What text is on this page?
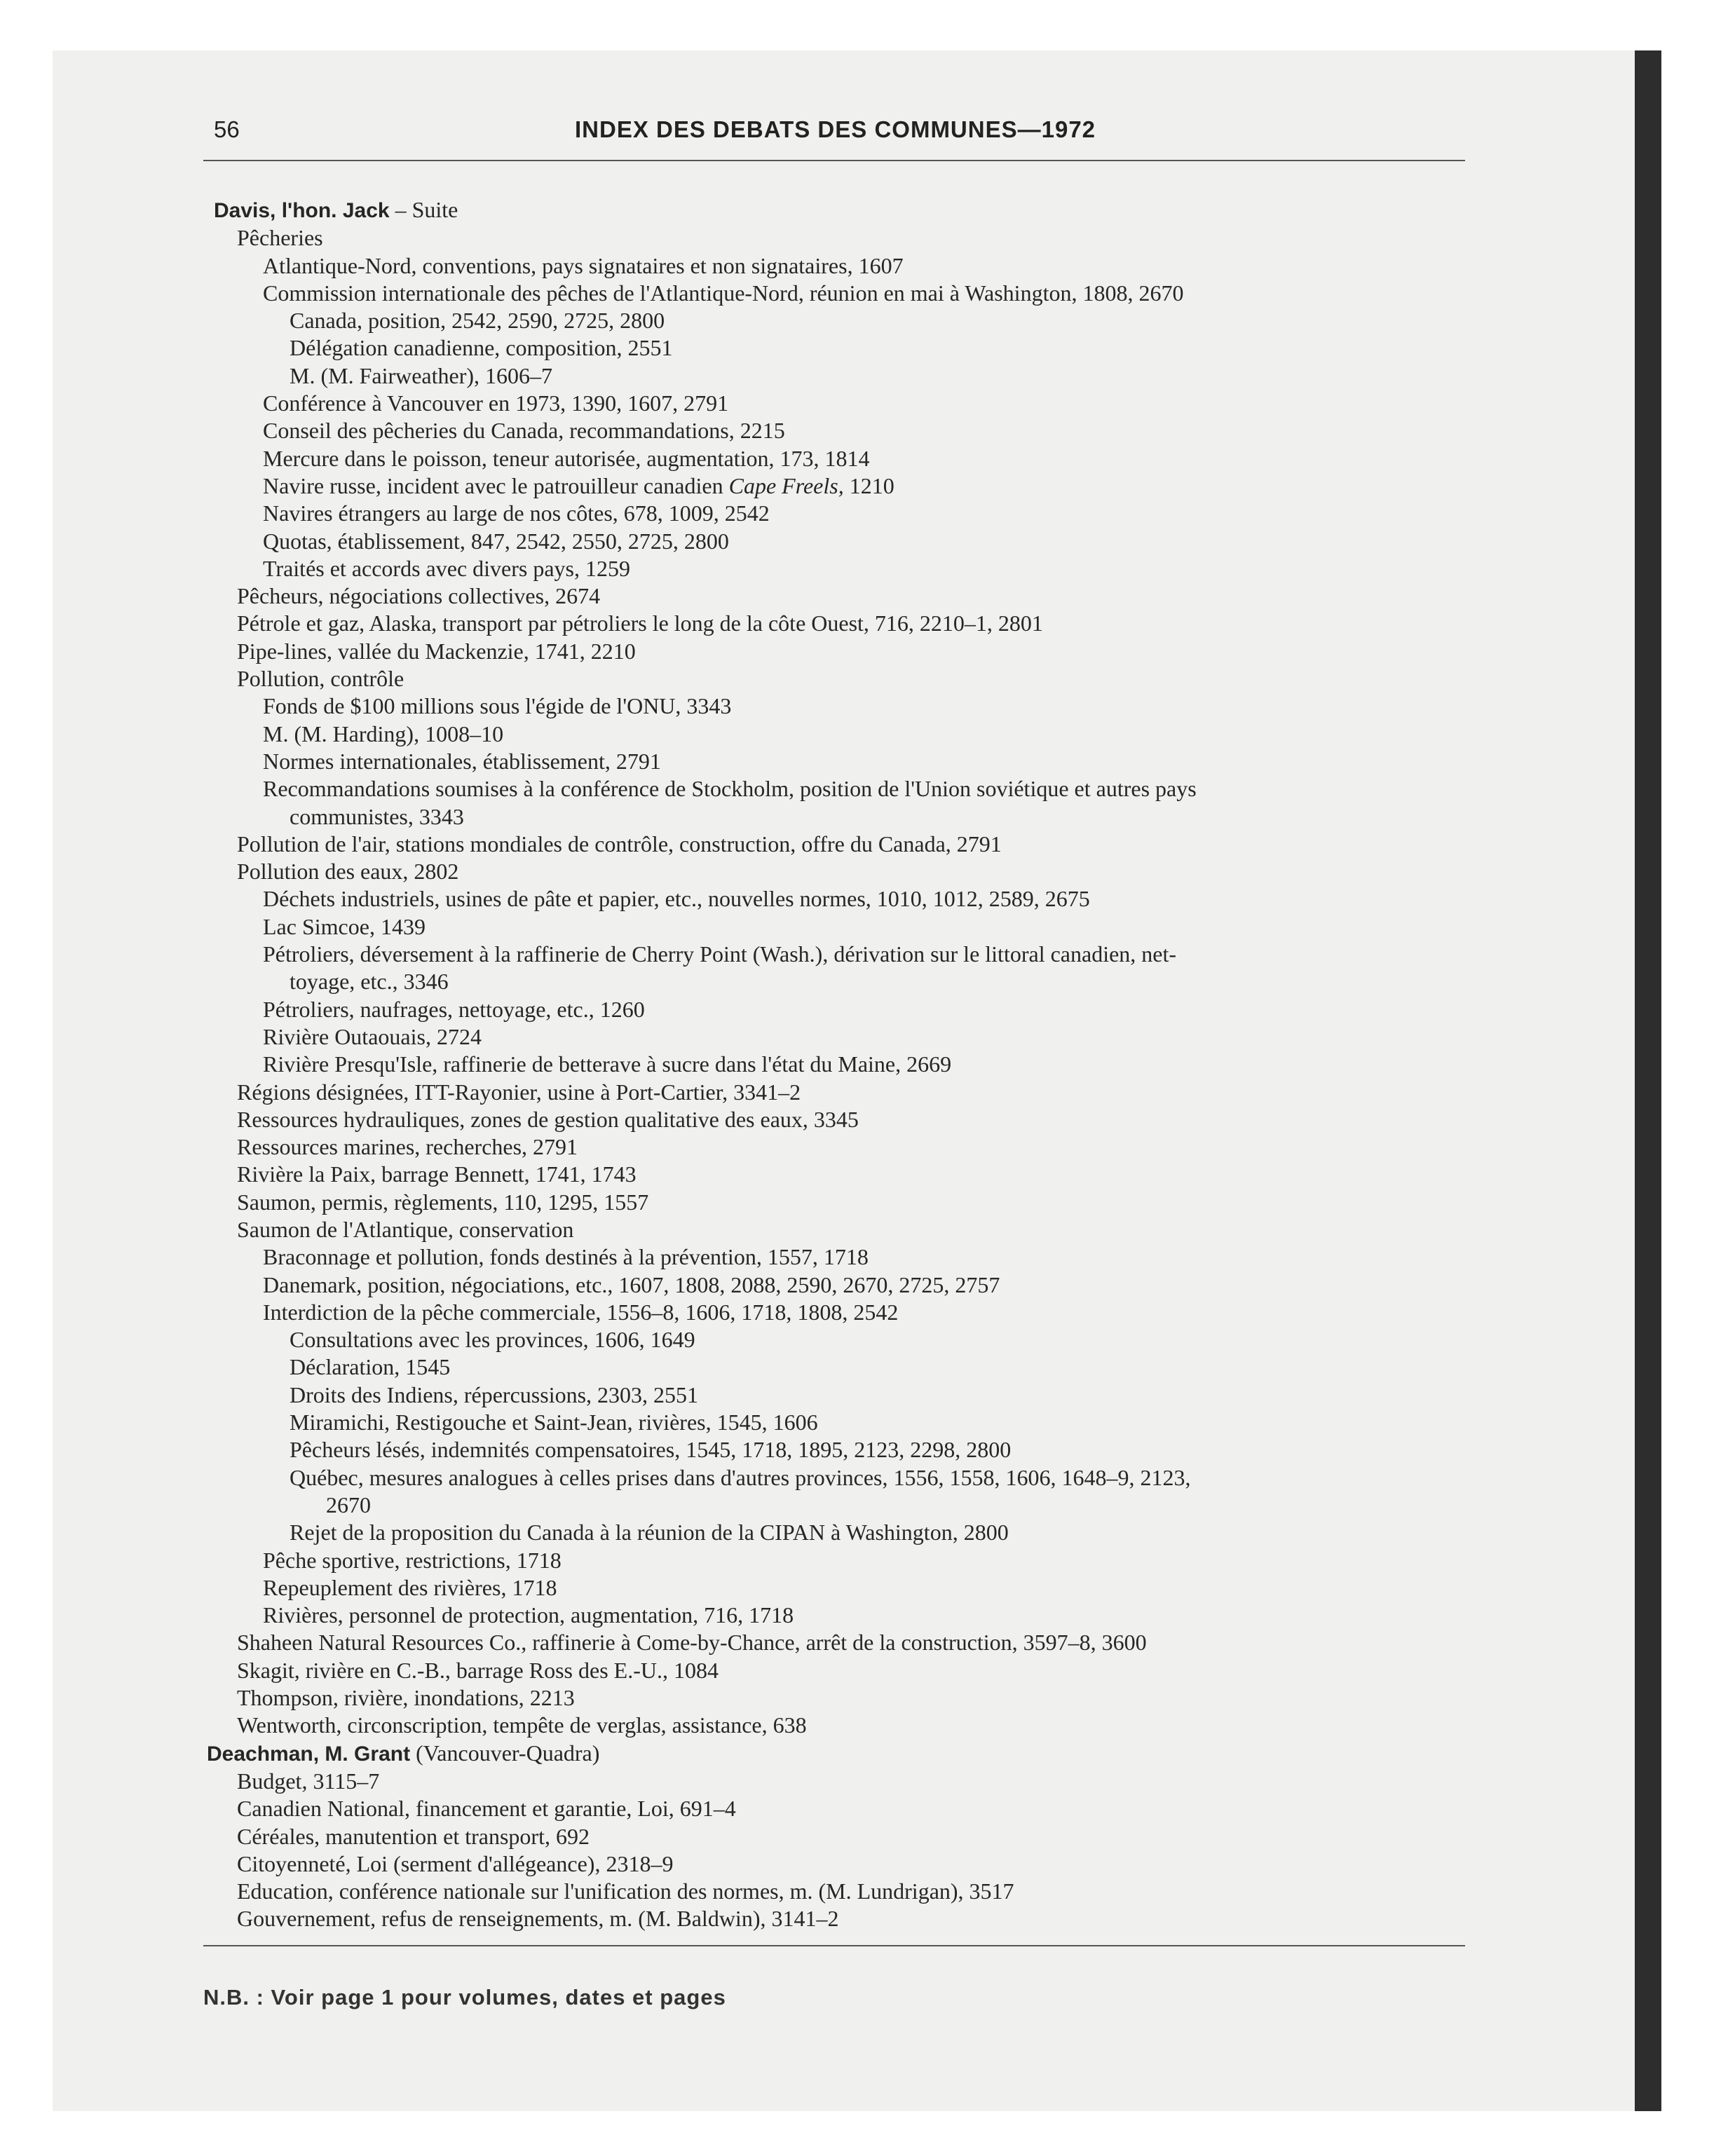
56	INDEX DES DEBATS DES COMMUNES—1972
Davis, l'hon. Jack – Suite
Pêcheries
Atlantique-Nord, conventions, pays signataires et non signataires, 1607
Commission internationale des pêches de l'Atlantique-Nord, réunion en mai à Washington, 1808, 2670
Canada, position, 2542, 2590, 2725, 2800
Délégation canadienne, composition, 2551
M. (M. Fairweather), 1606–7
Conférence à Vancouver en 1973, 1390, 1607, 2791
Conseil des pêcheries du Canada, recommandations, 2215
Mercure dans le poisson, teneur autorisée, augmentation, 173, 1814
Navire russe, incident avec le patrouilleur canadien Cape Freels, 1210
Navires étrangers au large de nos côtes, 678, 1009, 2542
Quotas, établissement, 847, 2542, 2550, 2725, 2800
Traités et accords avec divers pays, 1259
Pêcheurs, négociations collectives, 2674
Pétrole et gaz, Alaska, transport par pétroliers le long de la côte Ouest, 716, 2210–1, 2801
Pipe-lines, vallée du Mackenzie, 1741, 2210
Pollution, contrôle
Fonds de $100 millions sous l'égide de l'ONU, 3343
M. (M. Harding), 1008–10
Normes internationales, établissement, 2791
Recommandations soumises à la conférence de Stockholm, position de l'Union soviétique et autres pays
communistes, 3343
Pollution de l'air, stations mondiales de contrôle, construction, offre du Canada, 2791
Pollution des eaux, 2802
Déchets industriels, usines de pâte et papier, etc., nouvelles normes, 1010, 1012, 2589, 2675
Lac Simcoe, 1439
Pétroliers, déversement à la raffinerie de Cherry Point (Wash.), dérivation sur le littoral canadien, net-
toyage, etc., 3346
Pétroliers, naufrages, nettoyage, etc., 1260
Rivière Outaouais, 2724
Rivière Presqu'Isle, raffinerie de betterave à sucre dans l'état du Maine, 2669
Régions désignées, ITT-Rayonier, usine à Port-Cartier, 3341–2
Ressources hydrauliques, zones de gestion qualitative des eaux, 3345
Ressources marines, recherches, 2791
Rivière la Paix, barrage Bennett, 1741, 1743
Saumon, permis, règlements, 110, 1295, 1557
Saumon de l'Atlantique, conservation
Braconnage et pollution, fonds destinés à la prévention, 1557, 1718
Danemark, position, négociations, etc., 1607, 1808, 2088, 2590, 2670, 2725, 2757
Interdiction de la pêche commerciale, 1556–8, 1606, 1718, 1808, 2542
Consultations avec les provinces, 1606, 1649
Déclaration, 1545
Droits des Indiens, répercussions, 2303, 2551
Miramichi, Restigouche et Saint-Jean, rivières, 1545, 1606
Pêcheurs lésés, indemnités compensatoires, 1545, 1718, 1895, 2123, 2298, 2800
Québec, mesures analogues à celles prises dans d'autres provinces, 1556, 1558, 1606, 1648–9, 2123,
2670
Rejet de la proposition du Canada à la réunion de la CIPAN à Washington, 2800
Pêche sportive, restrictions, 1718
Repeuplement des rivières, 1718
Rivières, personnel de protection, augmentation, 716, 1718
Shaheen Natural Resources Co., raffinerie à Come-by-Chance, arrêt de la construction, 3597–8, 3600
Skagit, rivière en C.-B., barrage Ross des E.-U., 1084
Thompson, rivière, inondations, 2213
Wentworth, circonscription, tempête de verglas, assistance, 638
Deachman, M. Grant (Vancouver-Quadra)
Budget, 3115–7
Canadien National, financement et garantie, Loi, 691–4
Céréales, manutention et transport, 692
Citoyenneté, Loi (serment d'allégeance), 2318–9
Education, conférence nationale sur l'unification des normes, m. (M. Lundrigan), 3517
Gouvernement, refus de renseignements, m. (M. Baldwin), 3141–2
N.B. : Voir page 1 pour volumes, dates et pages
